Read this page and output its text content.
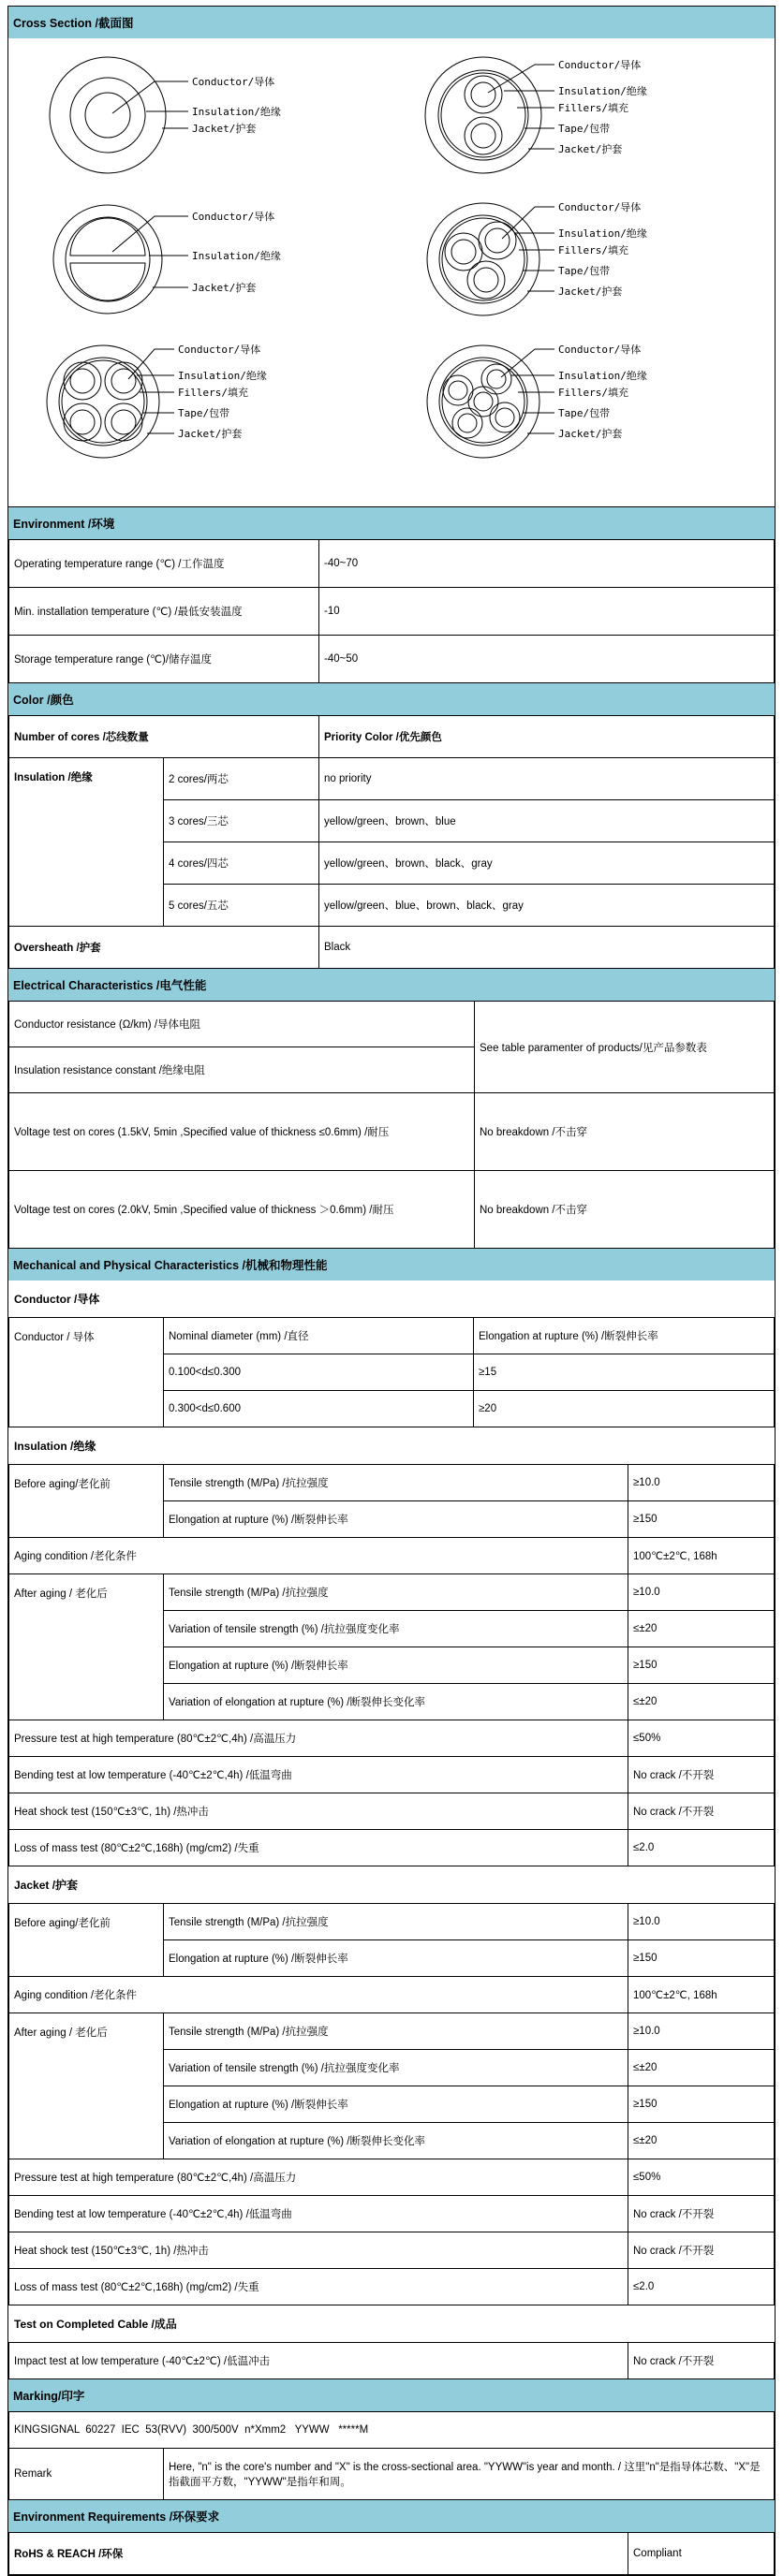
Cross Section /截面图
Conductor/导体
Insulation/绝缘
Jacket/护套
Conductor/导体
Insulation/绝缘
Fillers/填充
Tape/包带
Jacket/护套
Conductor/导体
Insulation/绝缘
Jacket/护套
Conductor/导体
Insulation/绝缘
Fillers/填充
Tape/包带
Jacket/护套
Conductor/导体
Insulation/绝缘
Fillers/填充
Tape/包带
Jacket/护套
Conductor/导体
Insulation/绝缘
Fillers/填充
Tape/包带
Jacket/护套
Environment /环境
Operating temperature range (℃) /工作温度	-40~70
Min. installation temperature (℃) /最低安装温度	-10
Storage temperature range (℃)/储存温度	-40~50
Color /颜色
Number of cores /芯线数量		Priority Color /优先颜色
Insulation /绝缘	2 cores/两芯	no priority
	3 cores/三芯	yellow/green、brown、blue
	4 cores/四芯	yellow/green、brown、black、gray
	5 cores/五芯	yellow/green、blue、brown、black、gray
Oversheath /护套		Black
Electrical Characteristics /电气性能
Conductor resistance (Ω/km) /导体电阻	See table paramenter of products/见产品参数表
Insulation resistance constant /绝缘电阻	
Voltage test on cores (1.5kV, 5min ,Specified value of thickness ≤0.6mm) /耐压	No breakdown /不击穿
Voltage test on cores (2.0kV, 5min ,Specified value of thickness ＞0.6mm) /耐压	No breakdown /不击穿
Mechanical and Physical Characteristics /机械和物理性能
Conductor /导体
Conductor / 导体	Nominal diameter (mm) /直径	Elongation at rupture (%) /断裂伸长率
	0.100<d≤0.300	≥15
	0.300<d≤0.600	≥20
Insulation /绝缘
Before aging/老化前	Tensile strength (M/Pa) /抗拉强度	≥10.0
	Elongation at rupture (%) /断裂伸长率	≥150
Aging condition /老化条件		100℃±2℃, 168h
After aging / 老化后	Tensile strength (M/Pa) /抗拉强度	≥10.0
	Variation of tensile strength (%) /抗拉强度变化率	≤±20
	Elongation at rupture (%) /断裂伸长率	≥150
	Variation of elongation at rupture (%) /断裂伸长变化率	≤±20
Pressure test at high temperature (80℃±2℃,4h) /高温压力		≤50%
Bending test at low temperature (-40℃±2℃,4h) /低温弯曲		No crack /不开裂
Heat shock test (150℃±3℃, 1h) /热冲击		No crack /不开裂
Loss of mass test (80℃±2℃,168h) (mg/cm2) /失重		≤2.0
Jacket /护套
Before aging/老化前	Tensile strength (M/Pa) /抗拉强度	≥10.0
	Elongation at rupture (%) /断裂伸长率	≥150
Aging condition /老化条件		100℃±2℃, 168h
After aging / 老化后	Tensile strength (M/Pa) /抗拉强度	≥10.0
	Variation of tensile strength (%) /抗拉强度变化率	≤±20
	Elongation at rupture (%) /断裂伸长率	≥150
	Variation of elongation at rupture (%) /断裂伸长变化率	≤±20
Pressure test at high temperature (80℃±2℃,4h) /高温压力		≤50%
Bending test at low temperature (-40℃±2℃,4h) /低温弯曲		No crack /不开裂
Heat shock test (150℃±3℃, 1h) /热冲击		No crack /不开裂
Loss of mass test (80℃±2℃,168h) (mg/cm2) /失重		≤2.0
Test on Completed Cable /成品
Impact test at low temperature (-40℃±2℃) /低温冲击	No crack /不开裂
Marking/印字
KINGSIGNAL  60227  IEC  53(RVV)  300/500V  n*Xmm2   YYWW   *****M
Remark	Here, "n" is the core's number and "X" is the cross-sectional area. "YYWW"is year and month. / 这里"n"是指导体芯数、"X"是指截面平方数，"YYWW"是指年和周。
Environment Requirements /环保要求
RoHS & REACH /环保	Compliant
